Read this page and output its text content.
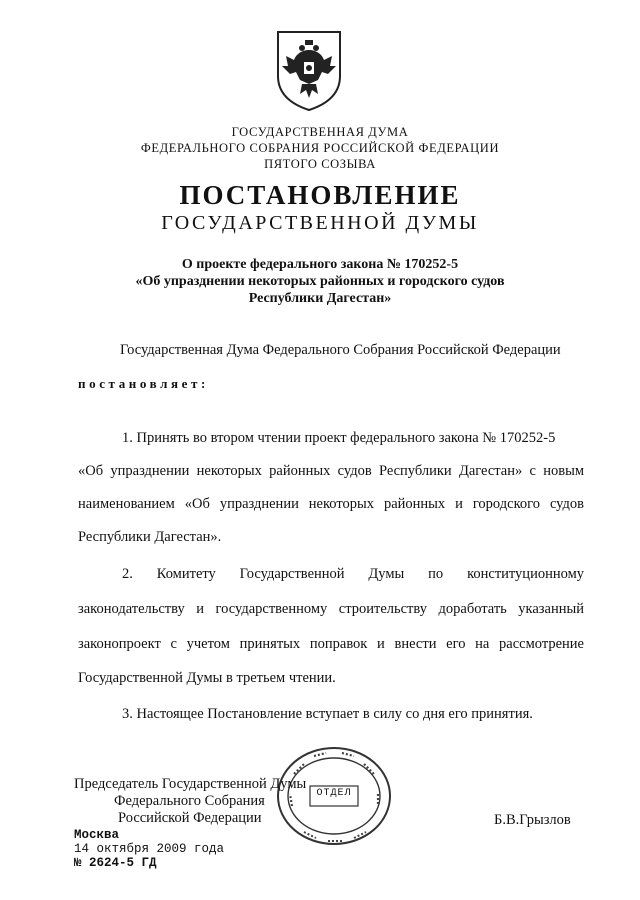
ГОСУДАРСТВЕННАЯ ДУМА
ФЕДЕРАЛЬНОГО СОБРАНИЯ РОССИЙСКОЙ ФЕДЕРАЦИИ
ПЯТОГО СОЗЫВА
ПОСТАНОВЛЕНИЕ
ГОСУДАРСТВЕННОЙ ДУМЫ
О проекте федерального закона № 170252-5
«Об упразднении некоторых районных и городского судов
Республики Дагестан»
Государственная Дума Федерального Собрания Российской Федерации
постановляет:
1. Принять во втором чтении проект федерального закона № 170252-5
«Об упразднении некоторых районных судов Республики Дагестан» с новым
наименованием «Об упразднении некоторых районных и городского судов
Республики Дагестан».
2. Комитету Государственной Думы по конституционному
законодательству и государственному строительству доработать указанный
законопроект с учетом принятых поправок и внести его на рассмотрение
Государственной Думы в третьем чтении.
3. Настоящее Постановление вступает в силу со дня его принятия.
ОТДЕЛ
Председатель Государственной Думы
Федерального Собрания
Российской Федерации	Б.В.Грызлов
Москва
14 октября 2009 года
№ 2624-5 ГД
